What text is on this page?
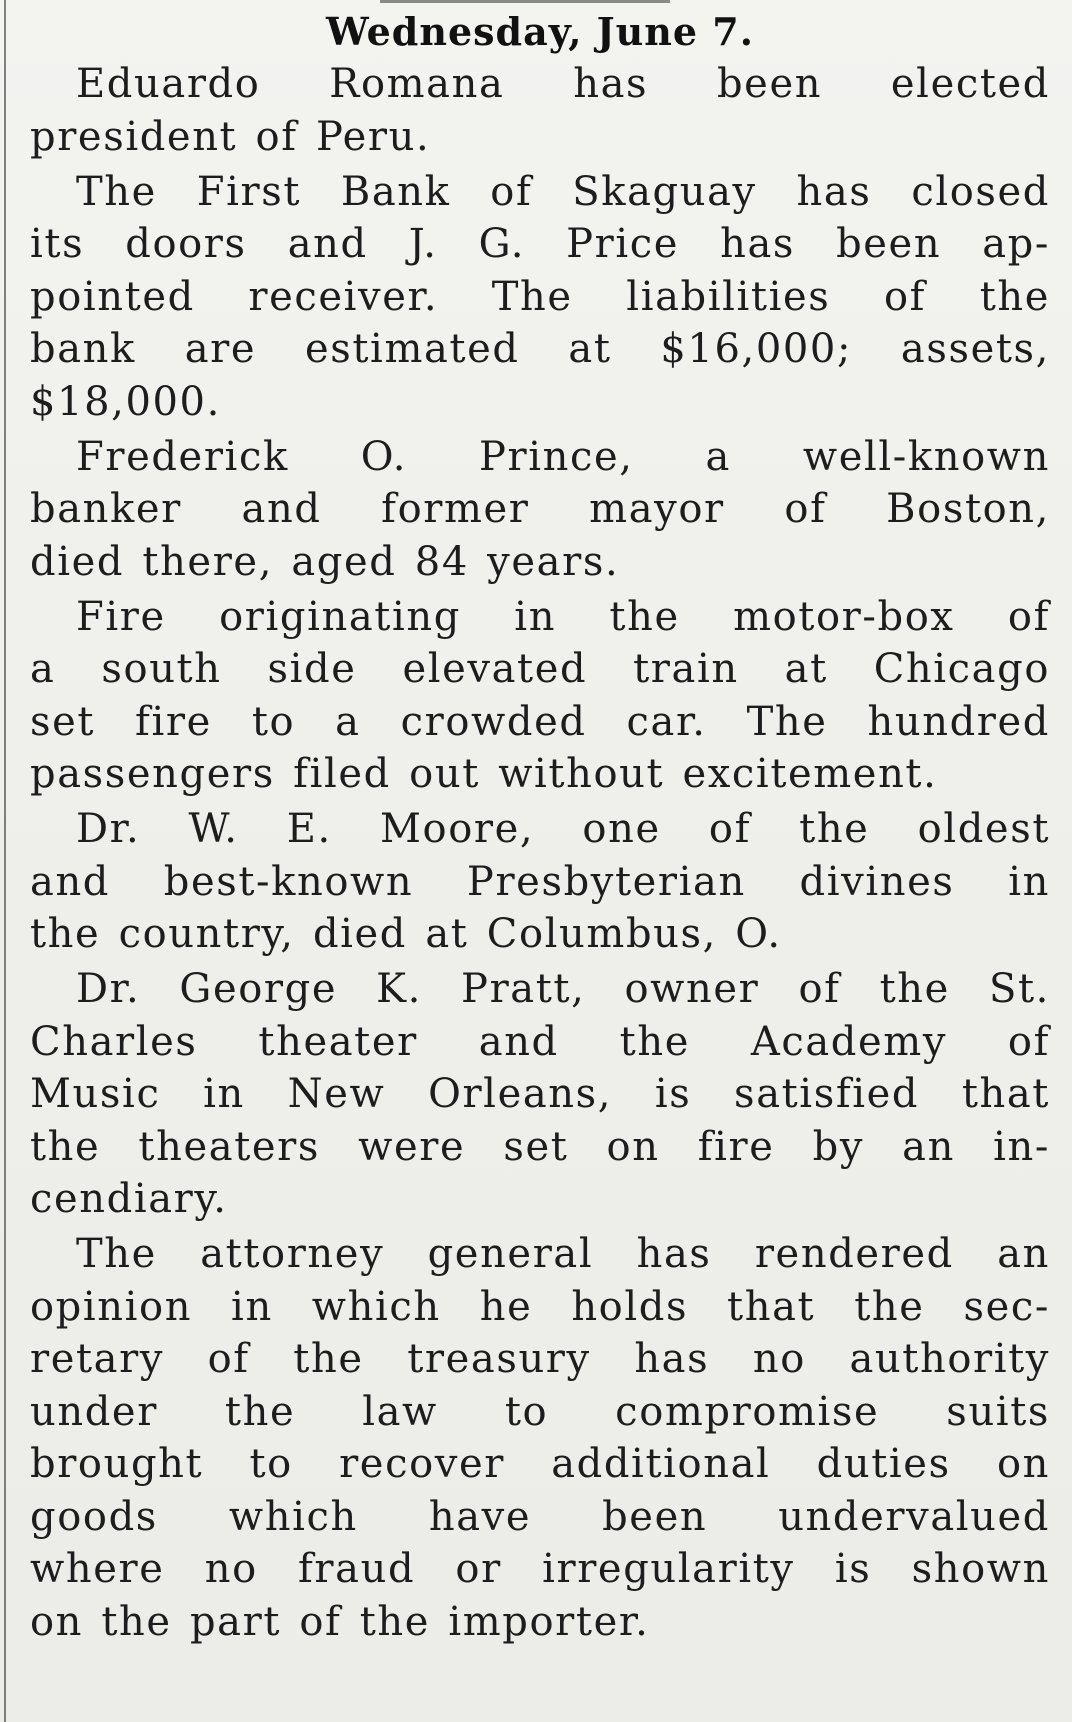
Wednesday, June 7.

Eduardo Romana has been elected
president of Peru.

The First Bank of Skaguay has closed
its doors and J. G. Price has been ap-
pointed receiver. The liabilities of the
bank are estimated at $16,000; assets,
$18,000.

Frederick O. Prince, a well-known
banker and former mayor of Boston,
died there, aged 84 years.

Fire originating in the motor-box of
a south side elevated train at Chicago
set fire to a crowded car. The hundred
passengers filed out without excitement.

Dr. W. E. Moore, one of the oldest
and best-known Presbyterian divines in
the country, died at Columbus, O.

Dr. George K. Pratt, owner of the St.
Charles theater and the Academy of
Music in New Orleans, is satisfied that
the theaters were set on fire by an in-
cendiary.

The attorney general has rendered an
opinion in which he holds that the sec-
retary of the treasury has no authority
under the law to compromise suits
brought to recover additional duties on
goods which have been undervalued
where no fraud or irregularity is shown
on the part of the importer.
